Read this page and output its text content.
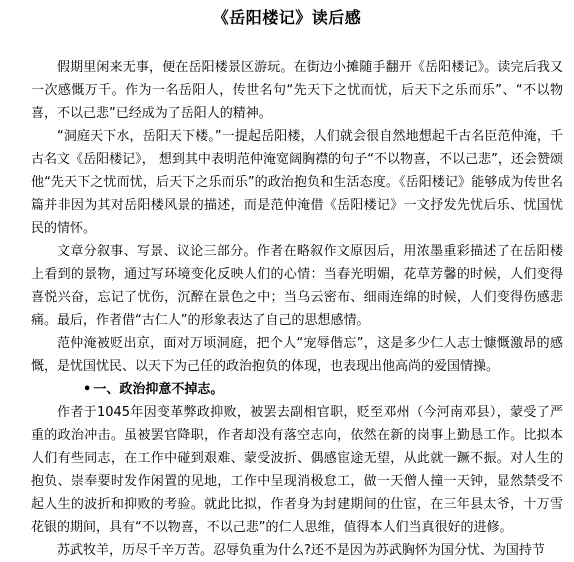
《岳阳楼记》读后感

假期里闲来无事，便在岳阳楼景区游玩。在街边小摊随手翻开《岳阳楼记》。读完后我又一次感慨万千。作为一名岳阳人，传世名句“先天下之忧而忧，后天下之乐而乐”、“不以物喜，不以己悲”已经成为了岳阳人的精神。

“洞庭天下水，岳阳天下楼。”一提起岳阳楼，人们就会很自然地想起千古名臣范仲淹，千古名文《岳阳楼记》， 想到其中表明范仲淹宽阔胸襟的句子“不以物喜，不以己悲”，还会赞颂他“先天下之忧而忧，后天下之乐而乐”的政治抱负和生活态度。《岳阳楼记》能够成为传世名篇并非因为其对岳阳楼风景的描述，而是范仲淹借《岳阳楼记》一文抒发先忧后乐、忧国忧民的情怀。

文章分叙事、写景、议论三部分。作者在略叙作文原因后，用浓墨重彩描述了在岳阳楼上看到的景物，通过写环境变化反映人们的心情：当春光明媚，花草芳馨的时候，人们变得喜悦兴奋，忘记了忧伤，沉醉在景色之中；当乌云密布、细雨连绵的时候，人们变得伤感悲痛。最后，作者借“古仁人”的形象表达了自己的思想感情。

范仲淹被贬出京，面对万顷洞庭，把个人“宠辱偕忘”，这是多少仁人志士慷慨激昂的感慨，是忧国忧民、以天下为己任的政治抱负的体现，也表现出他高尚的爱国情操。

• 一、政治抑意不掉志。

作者于1045年因变革弊政抑败，被罢去副相官职，贬至邓州（今河南邓县），蒙受了严重的政治冲击。虽被罢官降职，作者却没有落空志向，依然在新的岗事上勤恳工作。比拟本人们有些同志，在工作中碰到艰难、蒙受波折、偶感宦途无望，从此就一蹶不振。对人生的抱负、崇奉要时发作闲置的见地，工作中呈现消极怠工，做一天僧人撞一天钟，显然禁受不起人生的波折和抑败的考验。就此比拟，作者身为封建期间的仕宦，在三年县太爷，十万雪花银的期间，具有“不以物喜，不以己悲”的仁人思维，值得本人们当真很好的进修。

苏武牧羊，历尽千辛万苦。忍辱负重为什么?还不是因为苏武胸怀为国分忧、为国持节
